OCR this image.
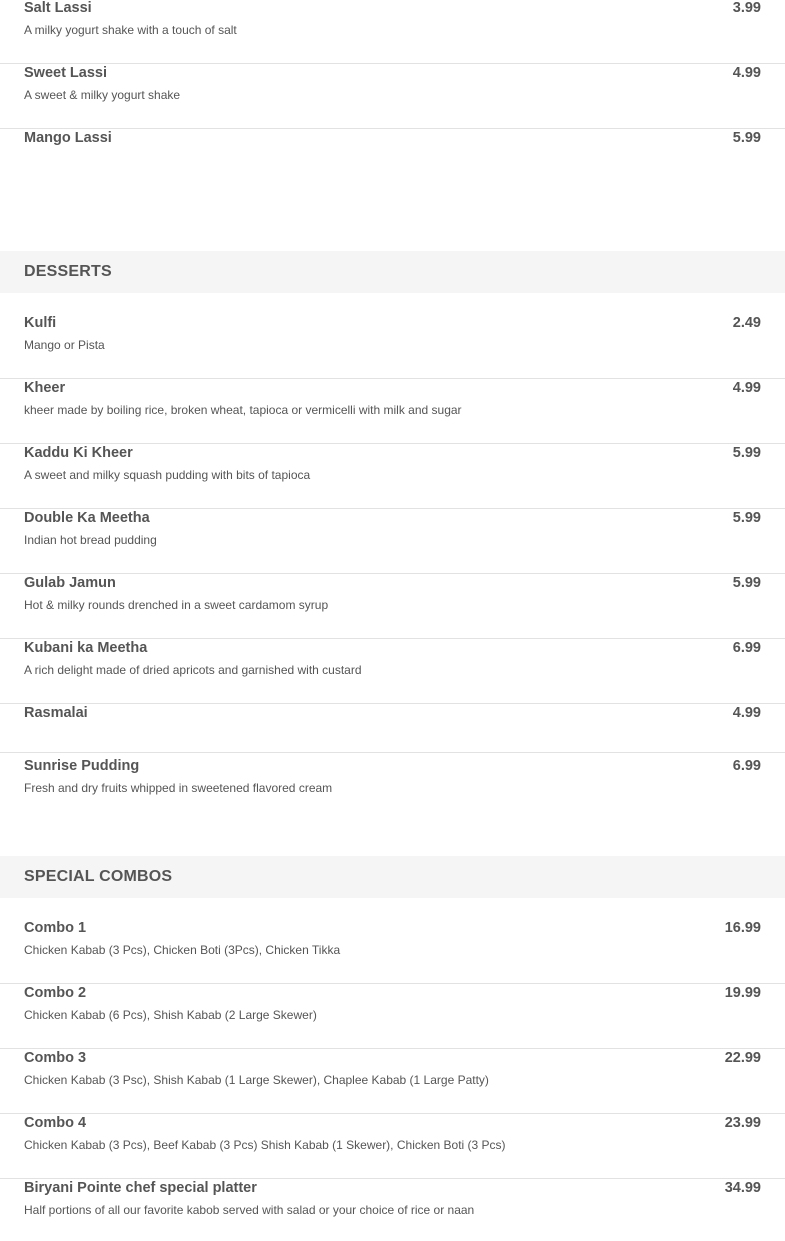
Salt Lassi	3.99
A milky yogurt shake with a touch of salt
Sweet Lassi	4.99
A sweet & milky yogurt shake
Mango Lassi	5.99
DESSERTS
Kulfi	2.49
Mango or Pista
Kheer	4.99
kheer made by boiling rice, broken wheat, tapioca or vermicelli with milk and sugar
Kaddu Ki Kheer	5.99
A sweet and milky squash pudding with bits of tapioca
Double Ka Meetha	5.99
Indian hot bread pudding
Gulab Jamun	5.99
Hot & milky rounds drenched in a sweet cardamom syrup
Kubani ka Meetha	6.99
A rich delight made of dried apricots and garnished with custard
Rasmalai	4.99
Sunrise Pudding	6.99
Fresh and dry fruits whipped in sweetened flavored cream
SPECIAL COMBOS
Combo 1	16.99
Chicken Kabab (3 Pcs), Chicken Boti (3Pcs), Chicken Tikka
Combo 2	19.99
Chicken Kabab (6 Pcs), Shish Kabab (2 Large Skewer)
Combo 3	22.99
Chicken Kabab (3 Psc), Shish Kabab (1 Large Skewer), Chaplee Kabab (1 Large Patty)
Combo 4	23.99
Chicken Kabab (3 Pcs), Beef Kabab (3 Pcs) Shish Kabab (1 Skewer), Chicken Boti (3 Pcs)
Biryani Pointe chef special platter	34.99
Half portions of all our favorite kabob served with salad or your choice of rice or naan
